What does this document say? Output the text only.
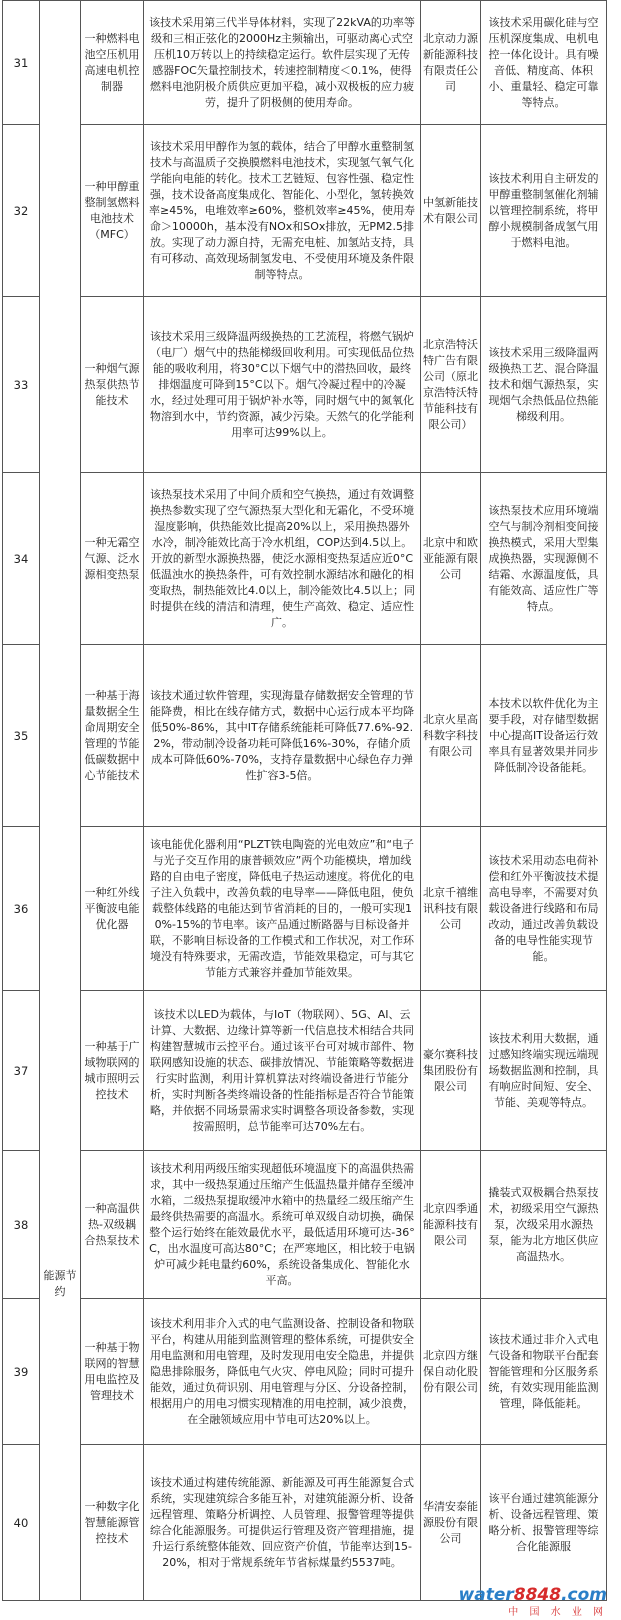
31	能源节约	一种燃料电池空压机用高速电机控制器	该技术采用第三代半导体材料，实现了22kVA的功率等级和三相正弦化的2000Hz主频输出，可驱动离心式空压机10万转以上的持续稳定运行。软件层实现了无传感器FOC矢量控制技术，转速控制精度＜0.1%，使得燃料电池阴极介质供应更加平稳，减小双极板的应力疲劳，提升了阴极侧的使用寿命。	北京动力源新能源科技有限责任公司	该技术采用碳化硅与空压机深度集成、电机电控一体化设计。具有噪音低、精度高、体积小、重量轻、稳定可靠等特点。
32		一种甲醇重整制氢燃料电池技术（MFC）	该技术采用甲醇作为氢的载体，结合了甲醇水重整制氢技术与高温质子交换膜燃料电池技术，实现氢气氧气化学能向电能的转化。技术工艺链短、包容性强、稳定性强，技术设备高度集成化、智能化、小型化，氢转换效率≥45%，电堆效率≥60%，整机效率≥45%，使用寿命＞10000h，基本没有NOx和SOx排放，无PM2.5排放。实现了动力源自持，无需充电桩、加氢站支持，具有可移动、高效现场制氢发电、不受使用环境及条件限制等特点。	中氢新能技术有限公司	该技术利用自主研发的甲醇重整制氢催化剂辅以管理控制系统，将甲醇小规模制备成氢气用于燃料电池。
33		一种烟气源热泵供热节能技术	该技术采用三级降温两级换热的工艺流程，将燃气锅炉（电厂）烟气中的热能梯级回收利用。可实现低品位热能的吸收利用，将30°C以下烟气中的潜热回收，最终排烟温度可降到15°C以下。烟气冷凝过程中的冷凝水，经过处理可用于锅炉补水等，同时烟气中的氮氧化物溶到水中，节约资源，减少污染。天然气的化学能利用率可达99%以上。	北京浩特沃特广告有限公司（原北京浩特沃特节能科技有限公司）	该技术采用三级降温两级换热工艺、混合降温技术和烟气源热泵，实现烟气余热低品位热能梯级利用。
34		一种无霜空气源、泛水源相变热泵	该热泵技术采用了中间介质和空气换热，通过有效调整换热参数实现了空气源热泵大型化和无霜化，不受环境湿度影响，供热能效比提高20%以上，采用换热器外水冷，制冷能效比高于冷水机组，COP达到4.5以上。开放的新型水源换热器，使泛水源相变热泵适应近0°C低温浊水的换热条件，可有效控制水源结冰和融化的相变取热，制热能效比4.0以上，制冷能效比4.5以上；同时提供在线的清洁和清理，使生产高效、稳定、适应性广。	北京中和欧亚能源有限公司	该热泵技术应用环境端空气与制冷剂相变间接换热模式，采用大型集成换热器，实现源侧不结霜、水源温度低，具有能效高、适应性广等特点。
35		一种基于海量数据全生命周期安全管理的节能低碳数据中心节能技术	该技术通过软件管理，实现海量存储数据安全管理的节能降费，相比在线存储方式，数据中心运行成本平均降低50%-86%，其中IT存储系统能耗可降低77.6%-92.2%，带动制冷设备功耗可降低16%-30%，存储介质成本可降低60%-70%，支持存量数据中心绿色存力弹性扩容3-5倍。	北京火星高科数字科技有限公司	本技术以软件优化为主要手段，对存储型数据中心提高IT设备运行效率具有显著效果并同步降低制冷设备能耗。
36		一种红外线平衡波电能优化器	该电能优化器利用“PLZT铁电陶瓷的光电效应”和“电子与光子交互作用的康普顿效应”两个功能模块，增加线路的自由电子密度，降低电子热运动速度。将优化的电子注入负载中，改善负载的电导率——降低电阻，使负载整体线路的电能达到节省消耗的目的，一般可实现10%-15%的节电率。该产品通过断路器与目标设备并联，不影响目标设备的工作模式和工作状况，对工作环境没有特殊要求，无需改造，节能效果稳定，可与其它节能方式兼容并叠加节能效果。	北京千禧维讯科技有限公司	该技术采用动态电荷补偿和红外平衡波技术提高电导率，不需要对负载设备进行线路和布局改动，通过改善负载设备的电导性能实现节能。
37		一种基于广域物联网的城市照明云控技术	该技术以LED为载体，与IoT（物联网）、5G、AI、云计算、大数据、边缘计算等新一代信息技术相结合共同构建智慧城市云控平台。通过该平台可对城市部件、物联网感知设施的状态、碳排放情况、节能策略等数据进行实时监测，利用计算机算法对终端设备进行节能分析，实时判断各类终端设备的性能指标是否符合节能策略，并依据不同场景需求实时调整各项设备参数，实现按需照明，总节能率可达70%左右。	豪尔赛科技集团股份有限公司	该技术利用大数据，通过感知终端实现远端现场数据监测和控制，具有响应时间短、安全、节能、美观等特点。
38		一种高温供热-双级耦合热泵技术	该技术利用两级压缩实现超低环境温度下的高温供热需求，其中一级热泵通过压缩产生低温热量并储存至缓冲水箱，二级热泵提取缓冲水箱中的热量经二级压缩产生最终供热需要的高温水。系统可单双级自动切换，确保整个运行始终在能效最优水平，最低适用环境可达-36°C，出水温度可高达80°C；在严寒地区，相比较于电锅炉可减少耗电量约60%，系统设备集成化、智能化水平高。	北京四季通能源科技有限公司	撬装式双极耦合热泵技术，初级采用空气源热泵，次级采用水源热泵，能为北方地区供应高温热水。
39		一种基于物联网的智慧用电监控及管理技术	该技术利用非介入式的电气监测设备、控制设备和物联平台，构建从用能到监测管理的整体系统，可提供安全用电监测和用电管理，及时发现用电安全隐患，并提供隐患排除服务，降低电气火灾、停电风险；同时可提升能效，通过负荷识别、用电管理与分区、分设备控制，根据用户的用电习惯实现精准的用电控制，减少浪费，在全融领域应用中节电可达20%以上。	北京四方继保自动化股份有限公司	该技术通过非介入式电气设备和物联平台配套智能管理和分区服务系统，有效实现用能监测管理，降低能耗。
40		一种数字化智慧能源管控技术	该技术通过构建传统能源、新能源及可再生能源复合式系统，实现建筑综合多能互补，对建筑能源分析、设备远程管理、策略分析调控、人员管理、报警管理等提供综合化能源服务。可提供运行管理及资产管理措施，提升运行系统整体能效、回应资产价值，节能率达到15-20%，相对于常规系统年节省标煤量约5537吨。	华清安泰能源股份有限公司	该平台通过建筑能源分析、设备远程管理、策略分析、报警管理等综合化能源服
water8848.com
中 国 水 业 网
